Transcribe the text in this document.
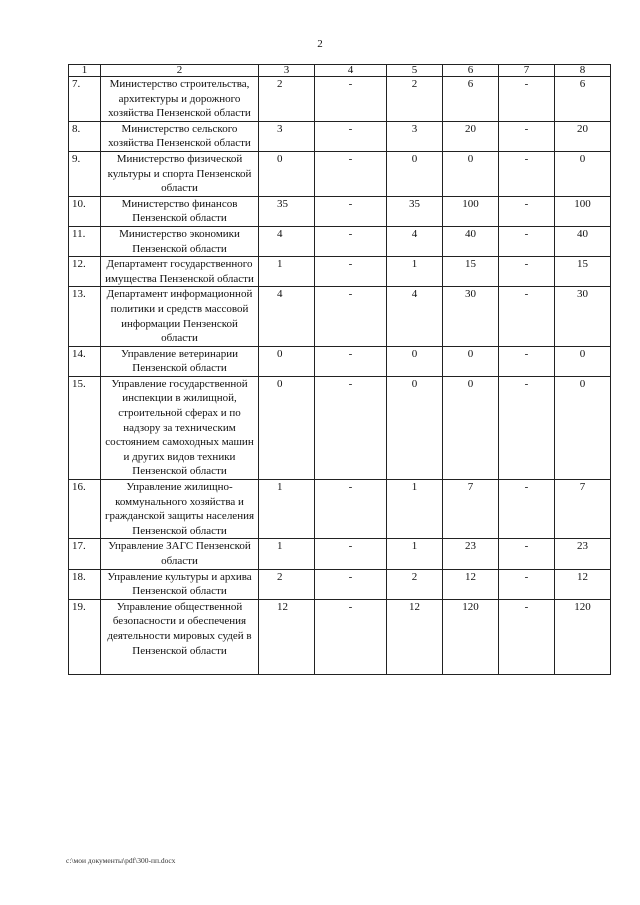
2
1	2	3	4	5	6	7	8
7.	Министерство строительства, архитектуры и дорожного хозяйства Пензенской области	2	-	2	6	-	6
8.	Министерство сельского хозяйства Пензенской области	3	-	3	20	-	20
9.	Министерство физической культуры и спорта Пензенской области	0	-	0	0	-	0
10.	Министерство финансов Пензенской области	35	-	35	100	-	100
11.	Министерство экономики Пензенской области	4	-	4	40	-	40
12.	Департамент государственного имущества Пензенской области	1	-	1	15	-	15
13.	Департамент информационной политики и средств массовой информации Пензенской области	4	-	4	30	-	30
14.	Управление ветеринарии Пензенской области	0	-	0	0	-	0
15.	Управление государственной инспекции в жилищной, строительной сферах и по надзору за техническим состоянием самоходных машин и других видов техники Пензенской области	0	-	0	0	-	0
16.	Управление жилищно-коммунального хозяйства и гражданской защиты населения Пензенской области	1	-	1	7	-	7
17.	Управление ЗАГС Пензенской области	1	-	1	23	-	23
18.	Управление культуры и архива Пензенской области	2	-	2	12	-	12
19.	Управление общественной безопасности и обеспечения деятельности мировых судей в Пензенской области	12	-	12	120	-	120
c:\мои документы\pdf\300-пп.docx
